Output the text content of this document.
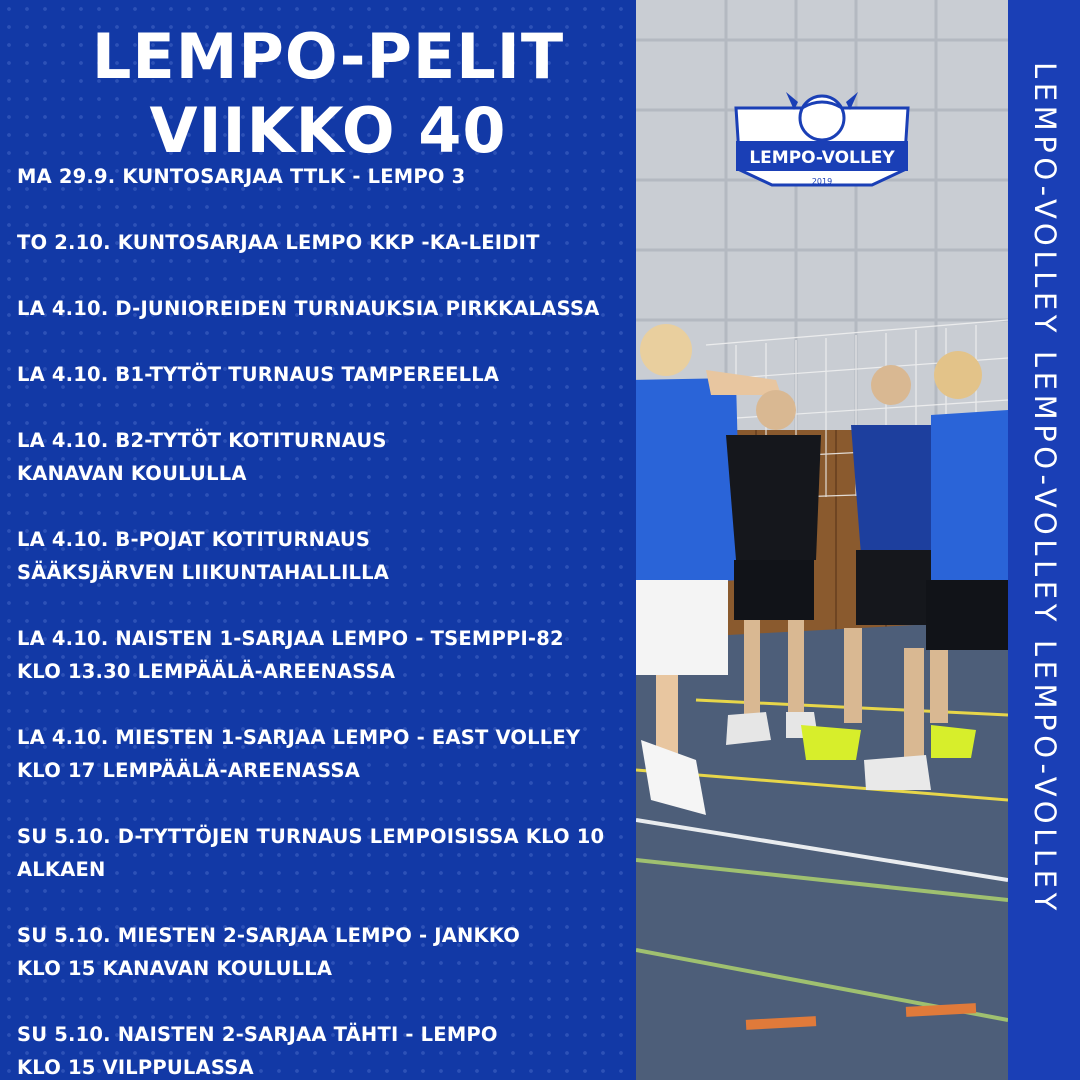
LEMPO-PELIT
VIIKKO 40
MA 29.9. KUNTOSARJAA TTLK - LEMPO 3
TO 2.10. KUNTOSARJAA LEMPO KKP -KA-LEIDIT
LA 4.10. D-JUNIOREIDEN TURNAUKSIA PIRKKALASSA
LA 4.10. B1-TYTÖT TURNAUS TAMPEREELLA
LA 4.10. B2-TYTÖT KOTITURNAUS
KANAVAN KOULULLA
LA 4.10. B-POJAT KOTITURNAUS
SÄÄKSJÄRVEN LIIKUNTAHALLILLA
LA 4.10. NAISTEN 1-SARJAA LEMPO - TSEMPPI-82
KLO 13.30 LEMPÄÄLÄ-AREENASSA
LA 4.10. MIESTEN 1-SARJAA LEMPO - EAST VOLLEY
KLO 17 LEMPÄÄLÄ-AREENASSA
SU 5.10. D-TYTTÖJEN TURNAUS LEMPOISISSA KLO 10
ALKAEN
SU 5.10. MIESTEN 2-SARJAA LEMPO - JANKKO
KLO 15 KANAVAN KOULULLA
SU 5.10. NAISTEN 2-SARJAA TÄHTI - LEMPO
KLO 15 VILPPULASSA
LEMPO-VOLLEY
2019	LEMPO-VOLLEY LEMPO-VOLLEY LEMPO-VOLLEY
